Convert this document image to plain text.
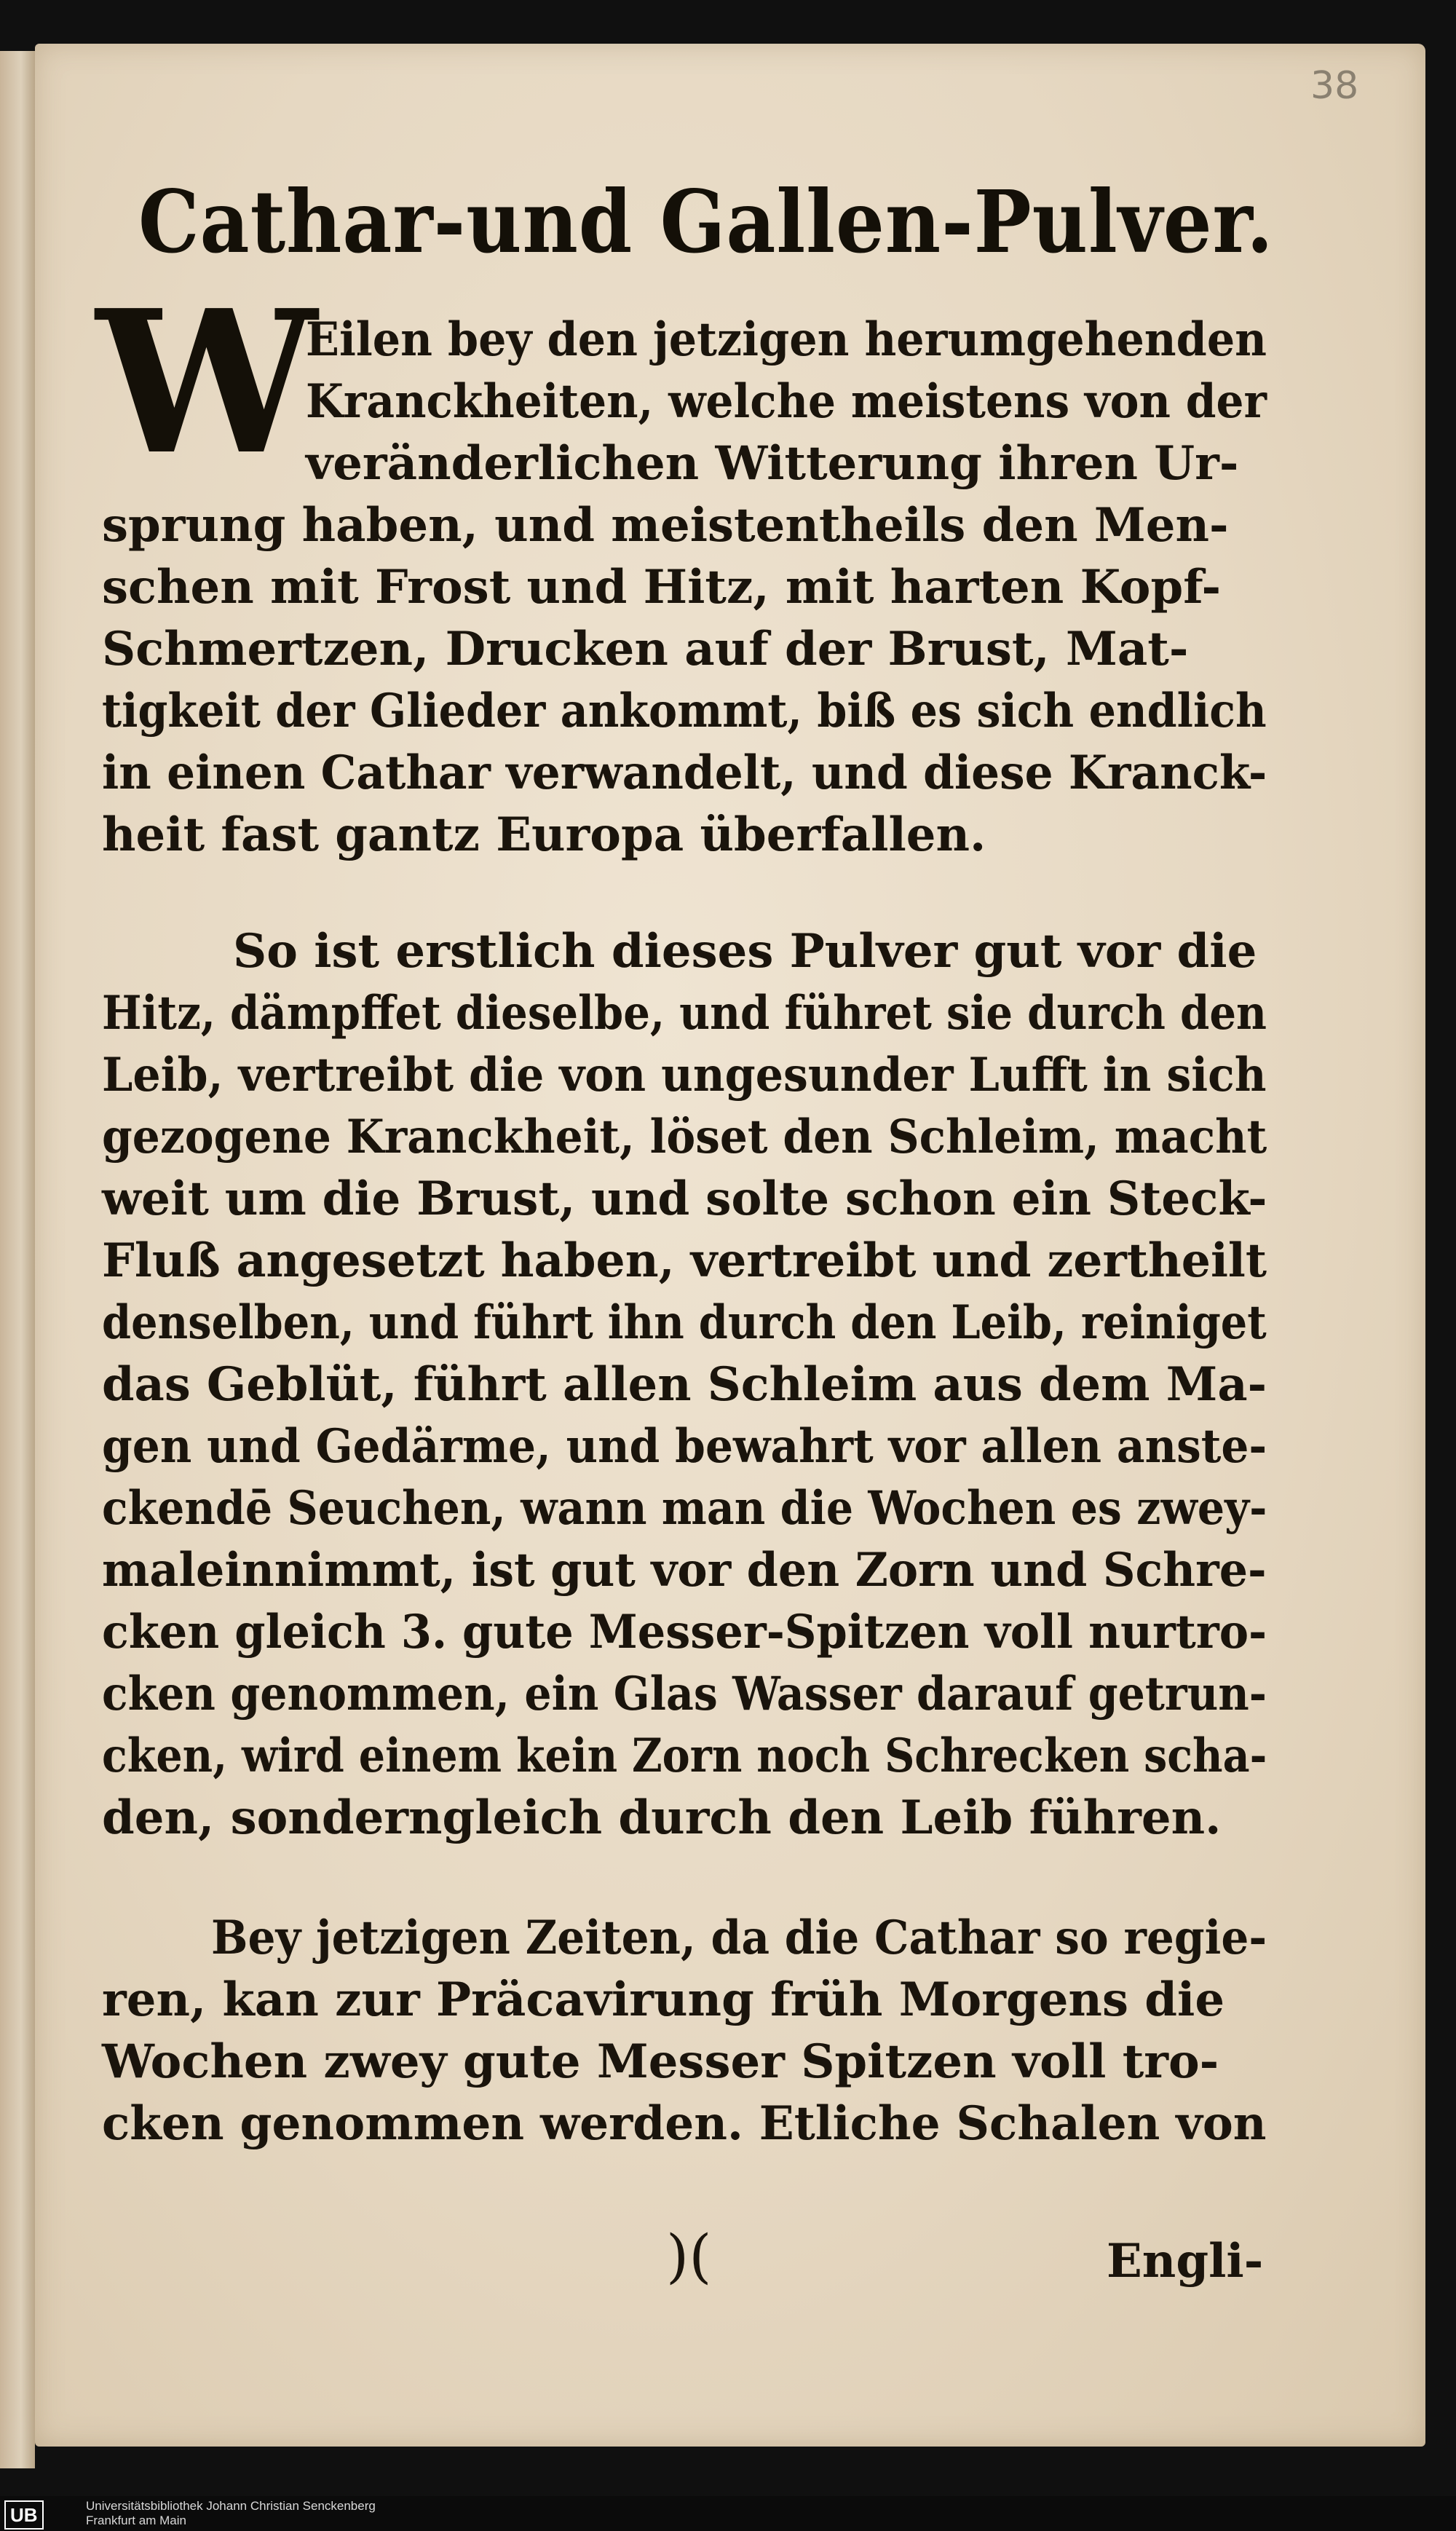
38
Cathar-und Gallen-Pulver.
W

Eilen bey den jetzigen herumgehenden

Kranckheiten, welche meistens von der

veränderlichen Witterung ihren Ur-

sprung haben, und meistentheils den Men-

schen mit Frost und Hitz, mit harten Kopf-

Schmertzen, Drucken auf der Brust, Mat-

tigkeit der Glieder ankommt, biß es sich endlich

in einen Cathar verwandelt, und diese Kranck-

heit fast gantz Europa überfallen.

So ist erstlich dieses Pulver gut vor die

Hitz, dämpffet dieselbe, und führet sie durch den

Leib, vertreibt die von ungesunder Lufft in sich

gezogene Kranckheit, löset den Schleim, macht

weit um die Brust, und solte schon ein Steck-

Fluß angesetzt haben, vertreibt und zertheilt

denselben, und führt ihn durch den Leib, reiniget

das Geblüt, führt allen Schleim aus dem Ma-

gen und Gedärme, und bewahrt vor allen anste-

ckendē Seuchen, wann man die Wochen es zwey-

maleinnimmt, ist gut vor den Zorn und Schre-

cken gleich 3. gute Messer-Spitzen voll nurtro-

cken genommen, ein Glas Wasser darauf getrun-

cken, wird einem kein Zorn noch Schrecken scha-

den, sonderngleich durch den Leib führen.

Bey jetzigen Zeiten, da die Cathar so regie-

ren, kan zur Präcavirung früh Morgens die

Wochen zwey gute Messer Spitzen voll tro-

cken genommen werden. Etliche Schalen von

)(	Engli-
UB	Universitätsbibliothek Johann Christian Senckenberg
Frankfurt am Main
